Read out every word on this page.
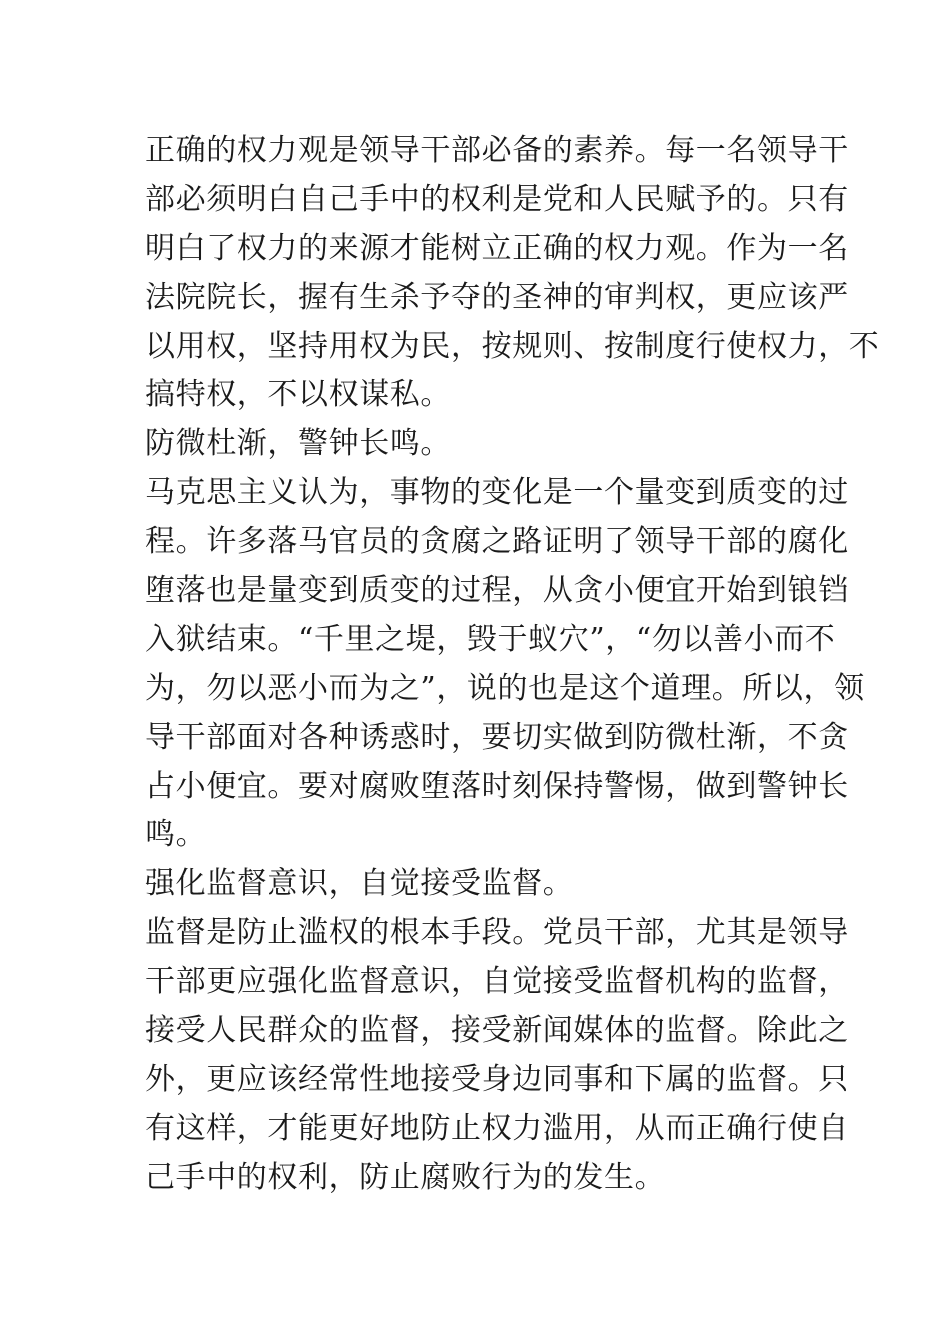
正确的权力观是领导干部必备的素养。每一名领导干
部必须明白自己手中的权利是党和人民赋予的。只有
明白了权力的来源才能树立正确的权力观。作为一名
法院院长，握有生杀予夺的圣神的审判权，更应该严
以用权，坚持用权为民，按规则、按制度行使权力，不
搞特权，不以权谋私。
防微杜渐，警钟长鸣。
马克思主义认为，事物的变化是一个量变到质变的过
程。许多落马官员的贪腐之路证明了领导干部的腐化
堕落也是量变到质变的过程，从贪小便宜开始到锒铛
入狱结束。“千里之堤，毁于蚁穴”，“勿以善小而不
为，勿以恶小而为之”，说的也是这个道理。所以，领
导干部面对各种诱惑时，要切实做到防微杜渐，不贪
占小便宜。要对腐败堕落时刻保持警惕，做到警钟长
鸣。
强化监督意识，自觉接受监督。
监督是防止滥权的根本手段。党员干部，尤其是领导
干部更应强化监督意识，自觉接受监督机构的监督，
接受人民群众的监督，接受新闻媒体的监督。除此之
外，更应该经常性地接受身边同事和下属的监督。只
有这样，才能更好地防止权力滥用，从而正确行使自
己手中的权利，防止腐败行为的发生。
